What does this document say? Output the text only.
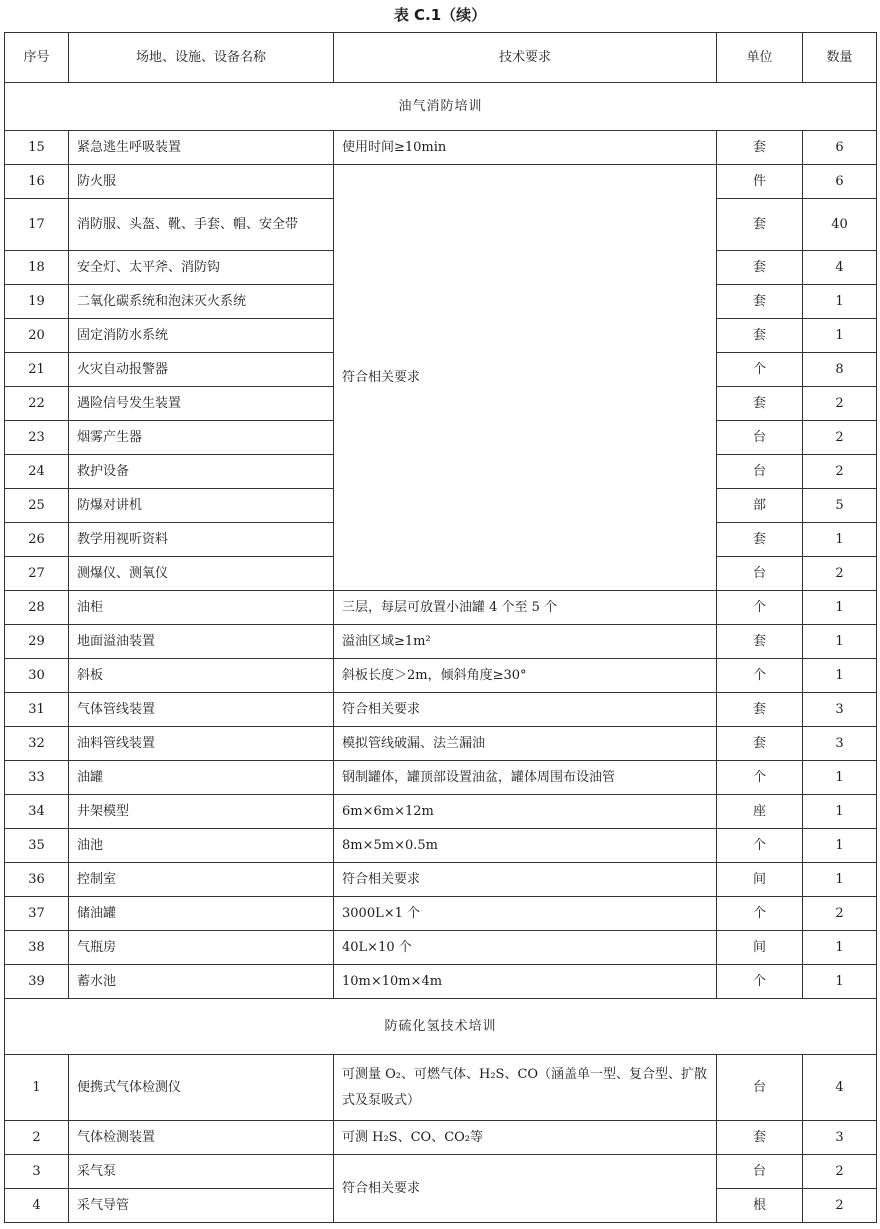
表 C.1（续）
序号	场地、设施、设备名称	技术要求	单位	数量
油气消防培训				
15	紧急逃生呼吸装置	使用时间≥10min	套	6
16	防火服	符合相关要求	件	6
17	消防服、头盔、靴、手套、帽、安全带		套	40
18	安全灯、太平斧、消防钩		套	4
19	二氧化碳系统和泡沫灭火系统		套	1
20	固定消防水系统		套	1
21	火灾自动报警器		个	8
22	遇险信号发生装置		套	2
23	烟雾产生器		台	2
24	救护设备		台	2
25	防爆对讲机		部	5
26	教学用视听资料		套	1
27	测爆仪、测氧仪		台	2
28	油柜	三层，每层可放置小油罐 4 个至 5 个	个	1
29	地面溢油装置	溢油区域≥1m²	套	1
30	斜板	斜板长度＞2m，倾斜角度≥30°	个	1
31	气体管线装置	符合相关要求	套	3
32	油料管线装置	模拟管线破漏、法兰漏油	套	3
33	油罐	钢制罐体，罐顶部设置油盆，罐体周围布设油管	个	1
34	井架模型	6m×6m×12m	座	1
35	油池	8m×5m×0.5m	个	1
36	控制室	符合相关要求	间	1
37	储油罐	3000L×1 个	个	2
38	气瓶房	40L×10 个	间	1
39	蓄水池	10m×10m×4m	个	1
防硫化氢技术培训				
1	便携式气体检测仪	可测量 O₂、可燃气体、H₂S、CO（涵盖单一型、复合型、扩散式及泵吸式）	台	4
2	气体检测装置	可测 H₂S、CO、CO₂等	套	3
3	采气泵	符合相关要求	台	2
4	采气导管		根	2
